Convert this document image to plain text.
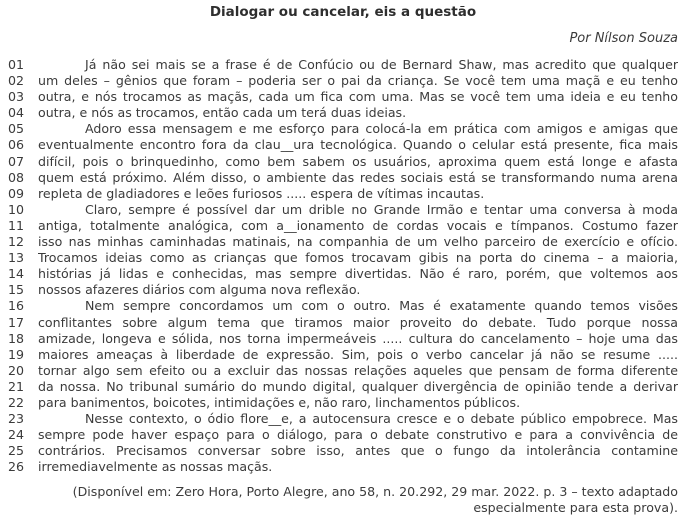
Dialogar ou cancelar, eis a questão
Por Nílson Souza
01	Já não sei mais se a frase é de Confúcio ou de Bernard Shaw, mas acredito que qualquer
02	um deles – gênios que foram – poderia ser o pai da criança. Se você tem uma maçã e eu tenho
03	outra, e nós trocamos as maçãs, cada um fica com uma. Mas se você tem uma ideia e eu tenho
04	outra, e nós as trocamos, então cada um terá duas ideias.
05	Adoro essa mensagem e me esforço para colocá-la em prática com amigos e amigas que
06	eventualmente encontro fora da clau__ura tecnológica. Quando o celular está presente, fica mais
07	difícil, pois o brinquedinho, como bem sabem os usuários, aproxima quem está longe e afasta
08	quem está próximo. Além disso, o ambiente das redes sociais está se transformando numa arena
09	repleta de gladiadores e leões furiosos ..... espera de vítimas incautas.
10	Claro, sempre é possível dar um drible no Grande Irmão e tentar uma conversa à moda
11	antiga, totalmente analógica, com a__ionamento de cordas vocais e tímpanos. Costumo fazer
12	isso nas minhas caminhadas matinais, na companhia de um velho parceiro de exercício e ofício.
13	Trocamos ideias como as crianças que fomos trocavam gibis na porta do cinema – a maioria,
14	histórias já lidas e conhecidas, mas sempre divertidas. Não é raro, porém, que voltemos aos
15	nossos afazeres diários com alguma nova reflexão.
16	Nem sempre concordamos um com o outro. Mas é exatamente quando temos visões
17	conflitantes sobre algum tema que tiramos maior proveito do debate. Tudo porque nossa
18	amizade, longeva e sólida, nos torna impermeáveis ..... cultura do cancelamento – hoje uma das
19	maiores ameaças à liberdade de expressão. Sim, pois o verbo cancelar já não se resume .....
20	tornar algo sem efeito ou a excluir das nossas relações aqueles que pensam de forma diferente
21	da nossa. No tribunal sumário do mundo digital, qualquer divergência de opinião tende a derivar
22	para banimentos, boicotes, intimidações e, não raro, linchamentos públicos.
23	Nesse contexto, o ódio flore__e, a autocensura cresce e o debate público empobrece. Mas
24	sempre pode haver espaço para o diálogo, para o debate construtivo e para a convivência de
25	contrários. Precisamos conversar sobre isso, antes que o fungo da intolerância contamine
26	irremediavelmente as nossas maçãs.
(Disponível em: Zero Hora, Porto Alegre, ano 58, n. 20.292, 29 mar. 2022. p. 3 – texto adaptado
especialmente para esta prova).
